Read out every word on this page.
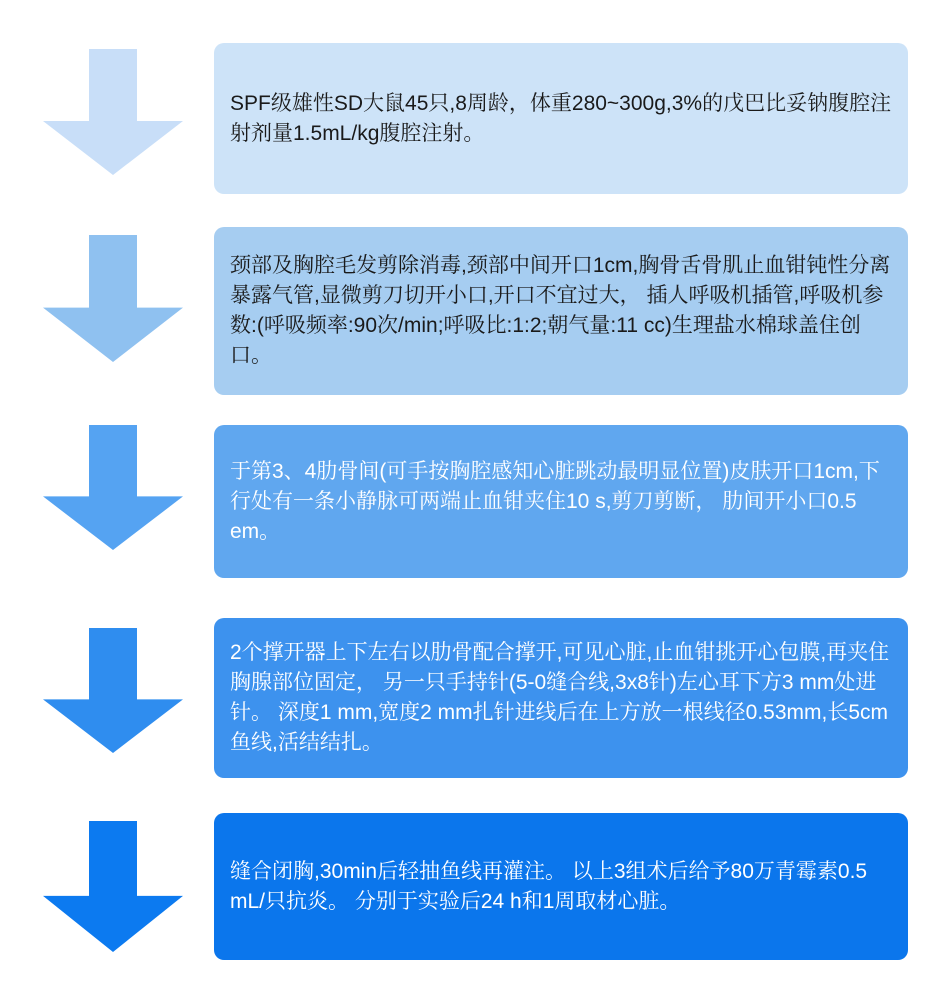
SPF级雄性SD大鼠45只,8周龄，体重280~300g,3%的戊巴比妥钠腹腔注射剂量1.5mL/kg腹腔注射。

颈部及胸腔毛发剪除消毒,颈部中间开口1cm,胸骨舌骨肌止血钳钝性分离暴露气管,显微剪刀切开小口,开口不宜过大， 插人呼吸机插管,呼吸机参数:(呼吸频率:90次/min;呼吸比:1:2;朝气量:11 cc)生理盐水棉球盖住创口。

于第3、4肋骨间(可手按胸腔感知心脏跳动最明显位置)皮肤开口1cm,下行处有一条小静脉可两端止血钳夹住10 s,剪刀剪断， 肋间开小口0.5 em。

2个撑开器上下左右以肋骨配合撑开,可见心脏,止血钳挑开心包膜,再夹住胸腺部位固定， 另一只手持针(5-0缝合线,3x8针)左心耳下方3 mm处进针。 深度1 mm,宽度2 mm扎针进线后在上方放一根线径0.53mm,长5cm鱼线,活结结扎。

缝合闭胸,30min后轻抽鱼线再灌注。 以上3组术后给予80万青霉素0.5 mL/只抗炎。 分别于实验后24 h和1周取材心脏。
